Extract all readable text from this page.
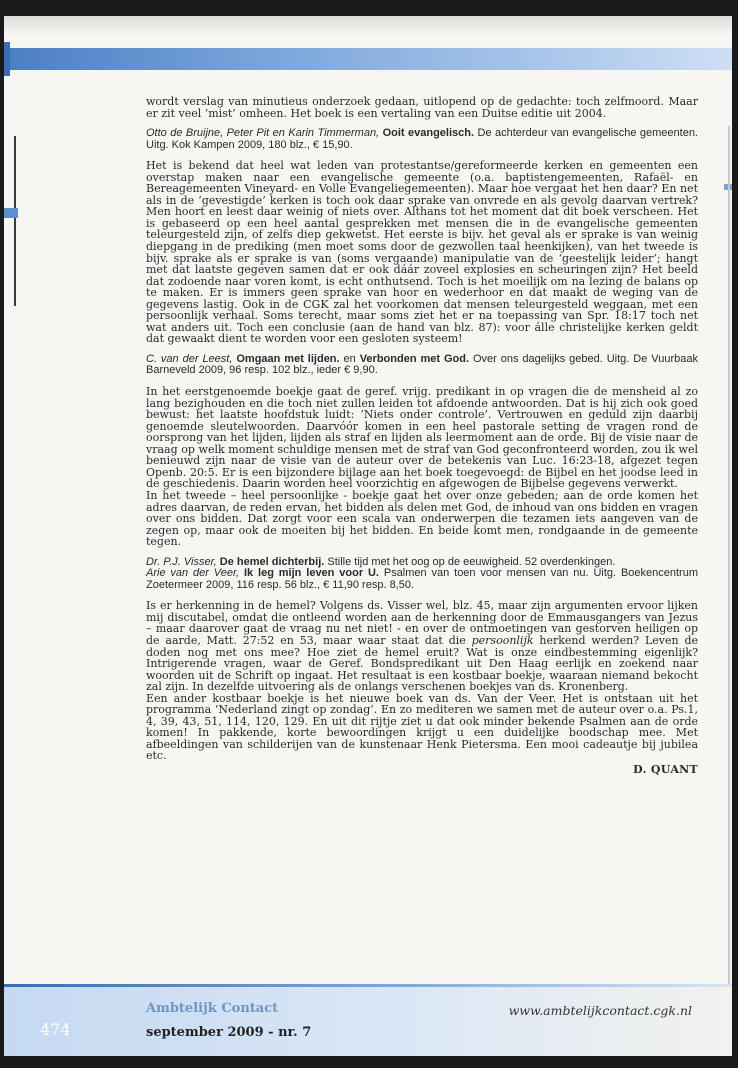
wordt verslag van minutieus onderzoek gedaan, uitlopend op de gedachte: toch zelfmoord. Maar er zit veel ‘mist’ omheen. Het boek is een vertaling van een Duitse editie uit 2004.

Otto de Bruijne, Peter Pit en Karin Timmerman, Ooit evangelisch. De achterdeur van evangelische gemeenten. Uitg. Kok Kampen 2009, 180 blz., € 15,90.

Het is bekend dat heel wat leden van protestantse/gereformeerde kerken en gemeenten een overstap maken naar een evangelische gemeente (o.a. baptistengemeenten, Rafaël- en Bereagemeenten Vineyard- en Volle Evangeliegemeenten). Maar hoe vergaat het hen daar? En net als in de ‘gevestigde’ kerken is toch ook daar sprake van onvrede en als gevolg daarvan vertrek? Men hoort en leest daar weinig of niets over. Althans tot het moment dat dit boek verscheen. Het is gebaseerd op een heel aantal gesprekken met mensen die in de evangelische gemeenten teleurgesteld zijn, of zelfs diep gekwetst. Het eerste is bijv. het geval als er sprake is van weinig diepgang in de prediking (men moet soms door de gezwollen taal heenkijken), van het tweede is bijv. sprake als er sprake is van (soms vergaande) manipulatie van de ‘geestelijk leider’; hangt met dat laatste gegeven samen dat er ook dáár zoveel explosies en scheuringen zijn? Het beeld dat zodoende naar voren komt, is echt onthutsend. Toch is het moeilijk om na lezing de balans op te maken. Er is immers geen sprake van hoor en wederhoor en dat maakt de weging van de gegevens lastig. Ook in de CGK zal het voorkomen dat mensen teleurgesteld weggaan, met een persoonlijk verhaal. Soms terecht, maar soms ziet het er na toepassing van Spr. 18:17 toch net wat anders uit. Toch een conclusie (aan de hand van blz. 87): voor álle christelijke kerken geldt dat gewaakt dient te worden voor een gesloten systeem!

C. van der Leest, Omgaan met lijden. en Verbonden met God. Over ons dagelijks gebed. Uitg. De Vuurbaak Barneveld 2009, 96 resp. 102 blz., ieder € 9,90.

In het eerstgenoemde boekje gaat de geref. vrijg. predikant in op vragen die de mensheid al zo lang bezighouden en die toch niet zullen leiden tot afdoende antwoorden. Dat is hij zich ook goed bewust: het laatste hoofdstuk luidt: ‘Niets onder controle’. Vertrouwen en geduld zijn daarbij genoemde sleutelwoorden. Daarvóór komen in een heel pastorale setting de vragen rond de oorsprong van het lijden, lijden als straf en lijden als leermoment aan de orde. Bij de visie naar de vraag op welk moment schuldige mensen met de straf van God geconfronteerd worden, zou ik wel benieuwd zijn naar de visie van de auteur over de betekenis van Luc. 16:23-18, afgezet tegen Openb. 20:5. Er is een bijzondere bijlage aan het boek toegevoegd: de Bijbel en het joodse leed in de geschiedenis. Daarin worden heel voorzichtig en afgewogen de Bijbelse gegevens verwerkt.

In het tweede – heel persoonlijke - boekje gaat het over onze gebeden; aan de orde komen het adres daarvan, de reden ervan, het bidden als delen met God, de inhoud van ons bidden en vragen over ons bidden. Dat zorgt voor een scala van onderwerpen die tezamen iets aangeven van de zegen op, maar ook de moeiten bij het bidden. En beide komt men, rondgaande in de gemeente tegen.

Dr. P.J. Visser, De hemel dichterbij. Stille tijd met het oog op de eeuwigheid. 52 overdenkingen.

Arie van der Veer, Ik leg mijn leven voor U. Psalmen van toen voor mensen van nu. Uitg. Boekencentrum Zoetermeer 2009, 116 resp. 56 blz., € 11,90 resp. 8,50.

Is er herkenning in de hemel? Volgens ds. Visser wel, blz. 45, maar zijn argumenten ervoor lijken mij discutabel, omdat die ontleend worden aan de herkenning door de Emmausgangers van Jezus – maar daarover gaat de vraag nu net niet! - en over de ontmoetingen van gestorven heiligen op de aarde, Matt. 27:52 en 53, maar waar staat dat die persoonlijk herkend werden? Leven de doden nog met ons mee? Hoe ziet de hemel eruit? Wat is onze eindbestemming eigenlijk? Intrigerende vragen, waar de Geref. Bondspredikant uit Den Haag eerlijk en zoekend naar woorden uit de Schrift op ingaat. Het resultaat is een kostbaar boekje, waaraan niemand bekocht zal zijn. In dezelfde uitvoering als de onlangs verschenen boekjes van ds. Kronenberg.

Een ander kostbaar boekje is het nieuwe boek van ds. Van der Veer. Het is ontstaan uit het programma ‘Nederland zingt op zondag’. En zo mediteren we samen met de auteur over o.a. Ps.1, 4, 39, 43, 51, 114, 120, 129. En uit dit rijtje ziet u dat ook minder bekende Psalmen aan de orde komen! In pakkende, korte bewoordingen krijgt u een duidelijke boodschap mee. Met afbeeldingen van schilderijen van de kunstenaar Henk Pietersma. Een mooi cadeautje bij jubilea etc.

D. QUANT
474
Ambtelijk Contact
september 2009 - nr. 7
www.ambtelijkcontact.cgk.nl
